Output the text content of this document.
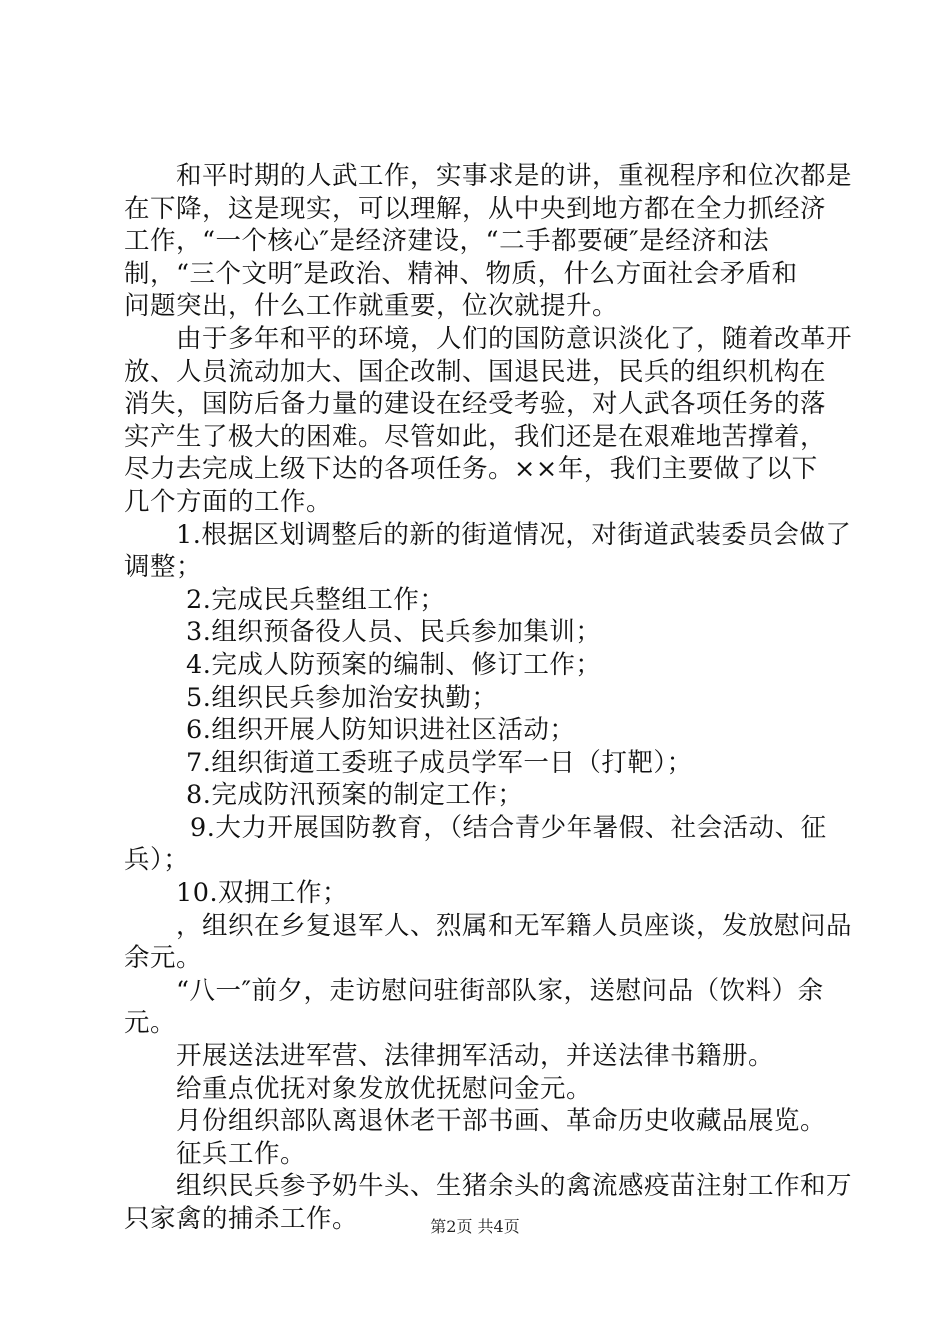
和平时期的人武工作，实事求是的讲，重视程序和位次都是
在下降，这是现实，可以理解，从中央到地方都在全力抓经济
工作，“一个核心″是经济建设，“二手都要硬″是经济和法
制，“三个文明″是政治、精神、物质，什么方面社会矛盾和
问题突出，什么工作就重要，位次就提升。
由于多年和平的环境，人们的国防意识淡化了，随着改革开
放、人员流动加大、国企改制、国退民进，民兵的组织机构在
消失，国防后备力量的建设在经受考验，对人武各项任务的落
实产生了极大的困难。尽管如此，我们还是在艰难地苦撑着，
尽力去完成上级下达的各项任务。××年，我们主要做了以下
几个方面的工作。
1.根据区划调整后的新的街道情况，对街道武装委员会做了
调整；
2.完成民兵整组工作；
3.组织预备役人员、民兵参加集训；
4.完成人防预案的编制、修订工作；
5.组织民兵参加治安执勤；
6.组织开展人防知识进社区活动；
7.组织街道工委班子成员学军一日（打靶）；
8.完成防汛预案的制定工作；
9.大力开展国防教育，（结合青少年暑假、社会活动、征
兵）；
10.双拥工作；
，组织在乡复退军人、烈属和无军籍人员座谈，发放慰问品
余元。
“八一″前夕，走访慰问驻街部队家，送慰问品（饮料）余
元。
开展送法进军营、法律拥军活动，并送法律书籍册。
给重点优抚对象发放优抚慰问金元。
月份组织部队离退休老干部书画、革命历史收藏品展览。
征兵工作。
组织民兵参予奶牛头、生猪余头的禽流感疫苗注射工作和万
只家禽的捕杀工作。	第2页 共4页
